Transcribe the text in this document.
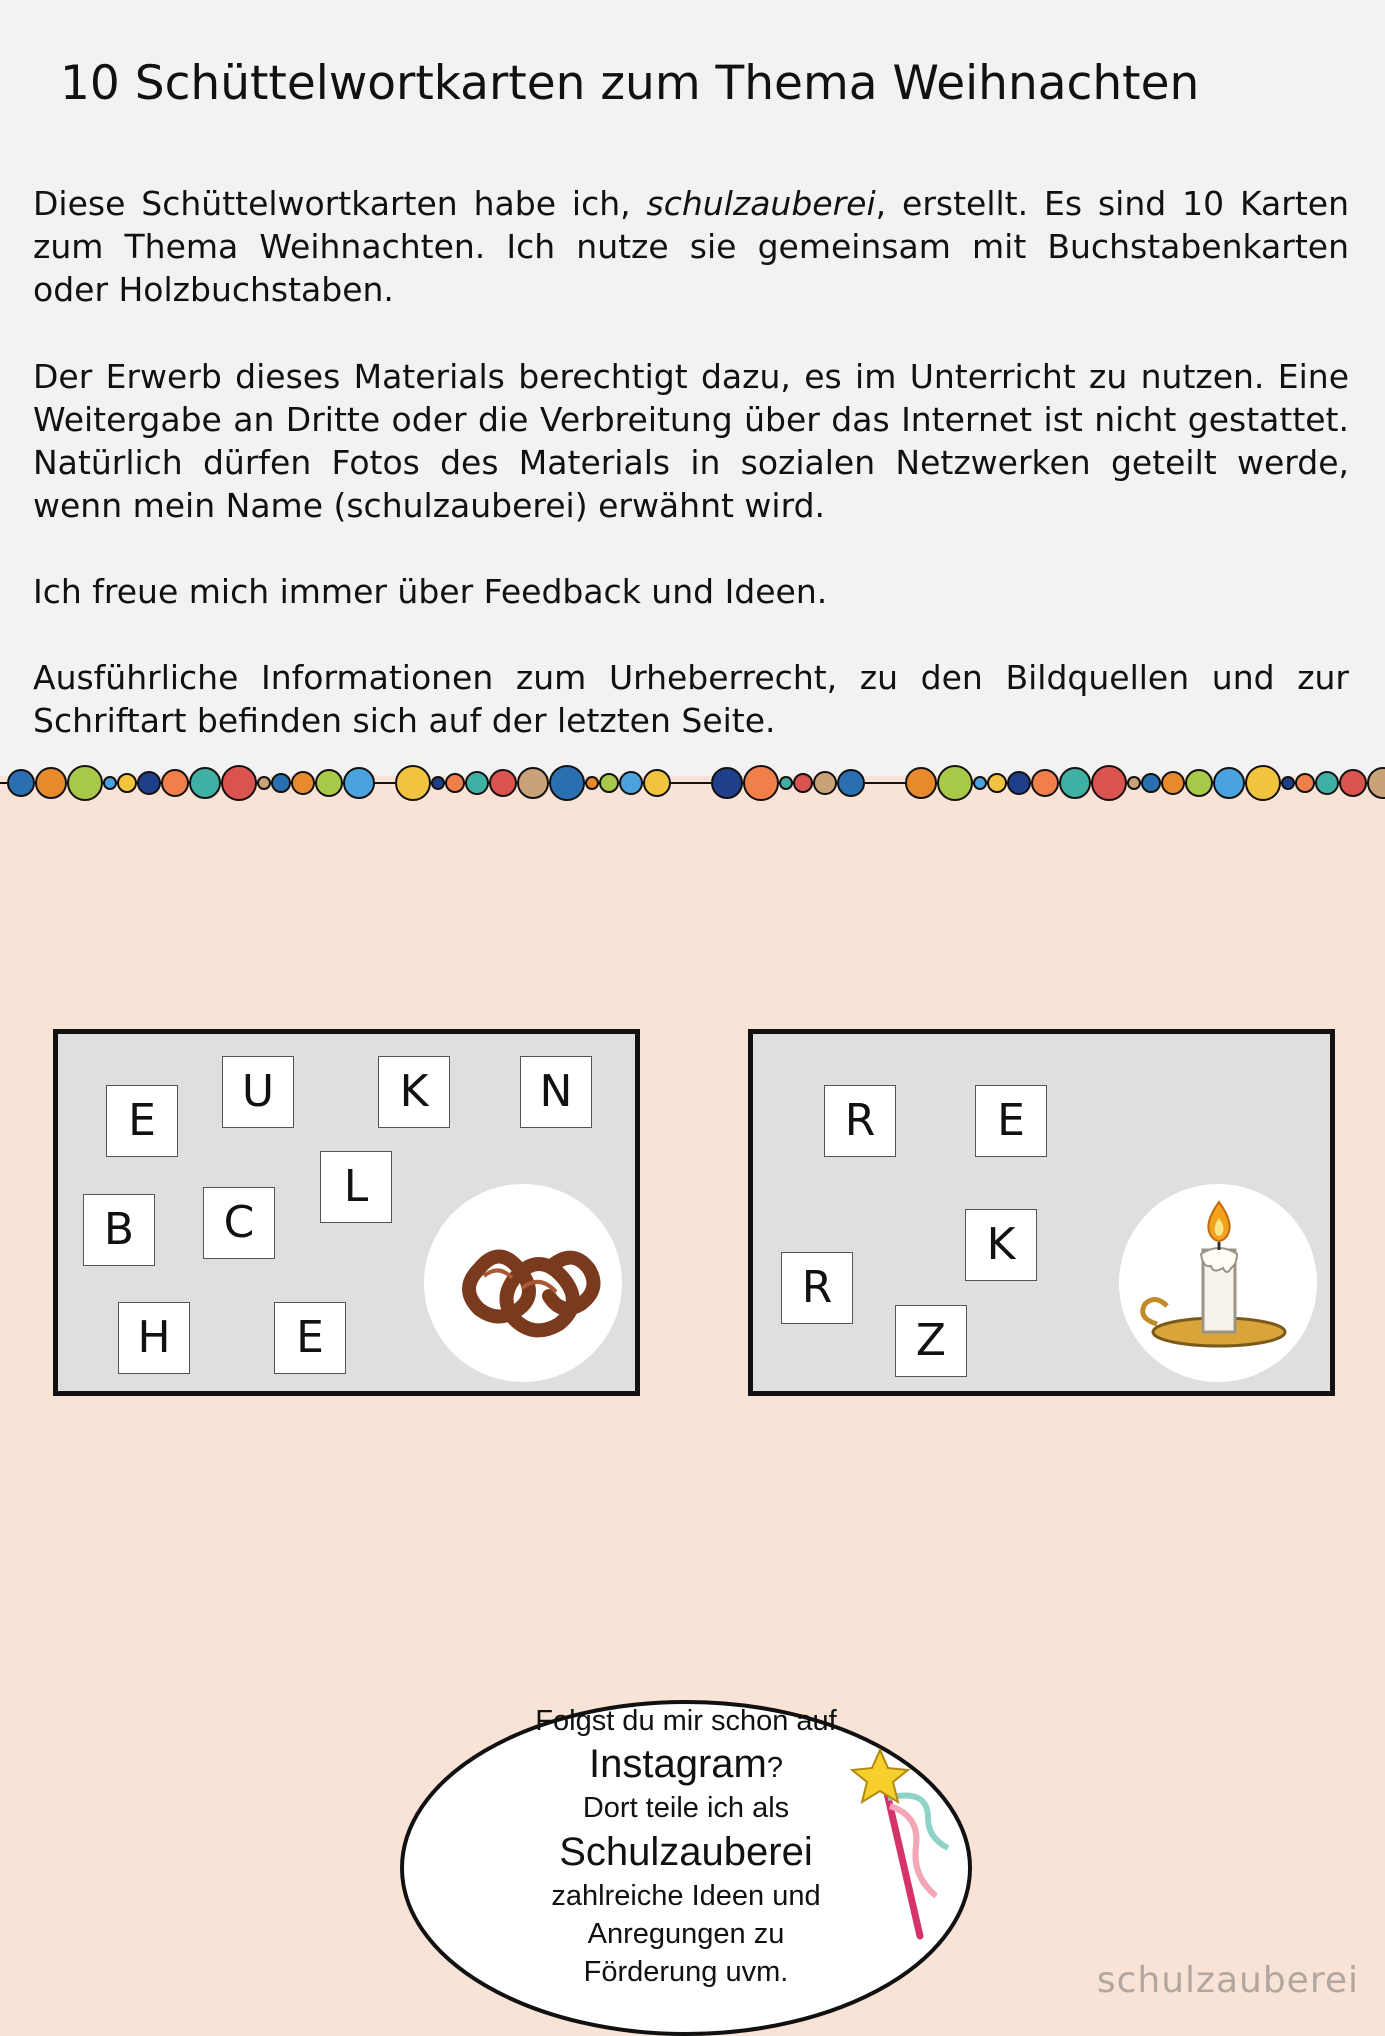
10 Schüttelwortkarten zum Thema Weihnachten

Diese Schüttelwortkarten habe ich, schulzauberei, erstellt. Es sind 10 Karten zum Thema Weihnachten. Ich nutze sie gemeinsam mit Buchstabenkarten oder Holzbuchstaben.

Der Erwerb dieses Materials berechtigt dazu, es im Unterricht zu nutzen. Eine Weitergabe an Dritte oder die Verbreitung über das Internet ist nicht gestattet. Natürlich dürfen Fotos des Materials in sozialen Netzwerken geteilt werde, wenn mein Name (schulzauberei) erwähnt wird.

Ich freue mich immer über Feedback und Ideen.

Ausführliche Informationen zum Urheberrecht, zu den Bildquellen und zur Schriftart befinden sich auf der letzten Seite.

E
U	K	N
L
B	C
H	E
R	E
K
R
Z
Folgst du mir schon auf
Instagram?
Dort teile ich als
Schulzauberei
zahlreiche Ideen und
Anregungen zu
Förderung uvm.	schulzauberei
